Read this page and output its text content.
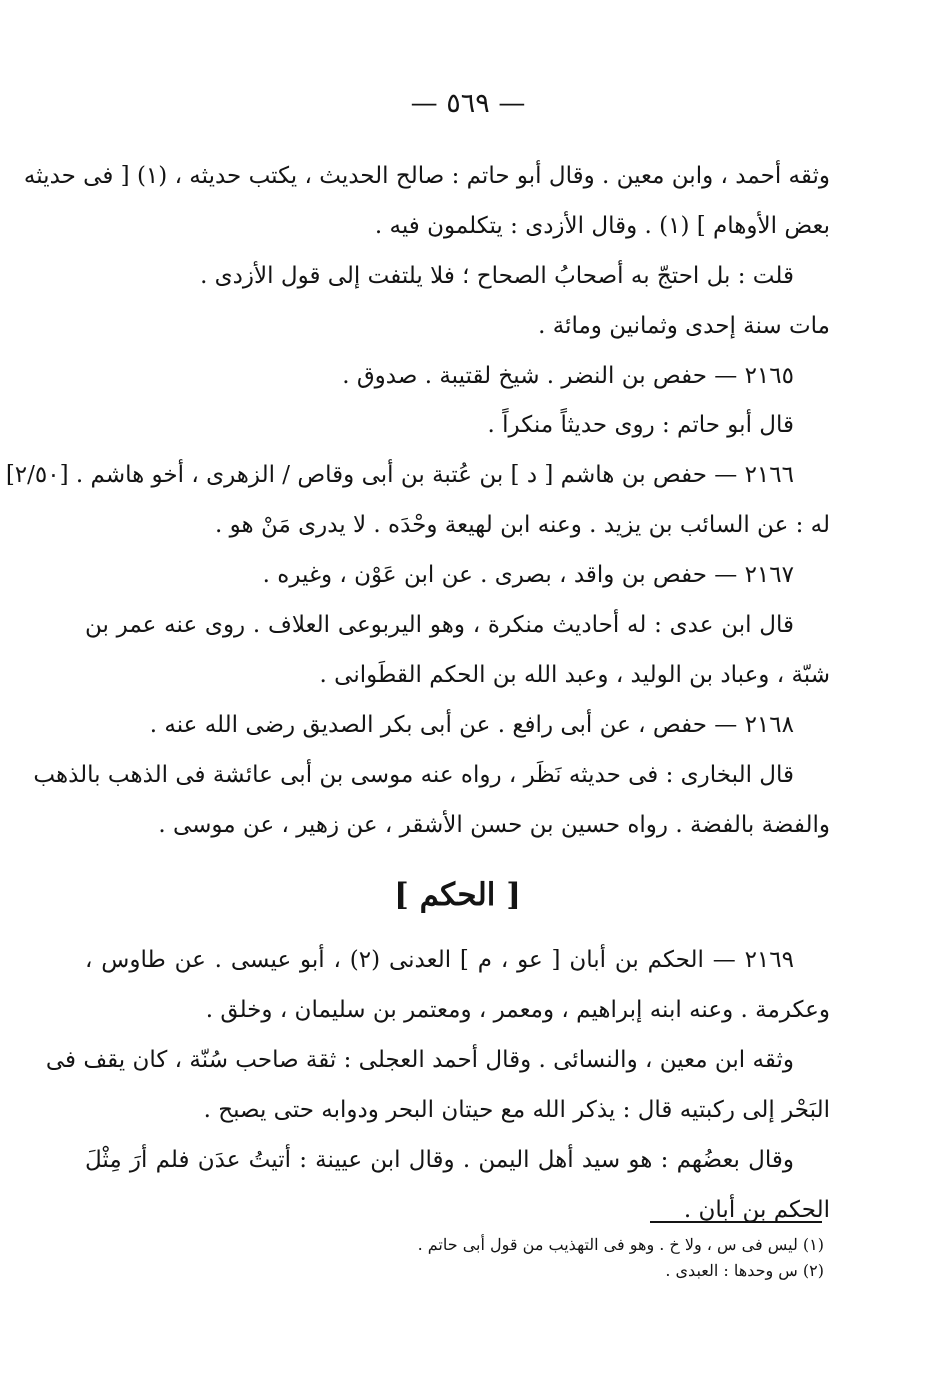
— ٥٦٩ —
وثقه أحمد ، وابن معين . وقال أبو حاتم : صالح الحديث ، يكتب حديثه ، (١) [ فى حديثه
بعض الأوهام ] (١) . وقال الأزدى : يتكلمون فيه .
قلت : بل احتجّ به أصحابُ الصحاح ؛ فلا يلتفت إلى قول الأزدى .
مات سنة إحدى وثمانين ومائة .
٢١٦٥ — حفص بن النضر . شيخ لقتيبة . صدوق .
قال أبو حاتم : روى حديثاً منكراً .
٢١٦٦ — حفص بن هاشم [ د ] بن عُتبة بن أبى وقاص / الزهرى ، أخو هاشم . [٢/٥٠]
له : عن السائب بن يزيد . وعنه ابن لهيعة وحْدَه . لا يدرى مَنْ هو .
٢١٦٧ — حفص بن واقد ، بصرى . عن ابن عَوْن ، وغيره .
قال ابن عدى : له أحاديث منكرة ، وهو اليربوعى العلاف . روى عنه عمر بن
شبّة ، وعباد بن الوليد ، وعبد الله بن الحكم القطَوانى .
٢١٦٨ — حفص ، عن أبى رافع . عن أبى بكر الصديق رضى الله عنه .
قال البخارى : فى حديثه نَظَر ، رواه عنه موسى بن أبى عائشة فى الذهب بالذهب
والفضة بالفضة . رواه حسين بن حسن الأشقر ، عن زهير ، عن موسى .
[ الحكم ]
٢١٦٩ — الحكم بن أبان [ عو ، م ] العدنى (٢) ، أبو عيسى . عن طاوس ،
وعكرمة . وعنه ابنه إبراهيم ، ومعمر ، ومعتمر بن سليمان ، وخلق .
وثقه ابن معين ، والنسائى . وقال أحمد العجلى : ثقة صاحب سُنّة ، كان يقف فى
البَحْر إلى ركبتيه قال : يذكر الله مع حيتان البحر ودوابه حتى يصبح .
وقال بعضُهم : هو سيد أهل اليمن . وقال ابن عيينة : أتيتُ عدَن فلم أرَ مِثْلَ
الحكم بن أبان .
(١) ليس فى س ، ولا خ . وهو فى التهذيب من قول أبى حاتم .
(٢) س وحدها : العبدى .
